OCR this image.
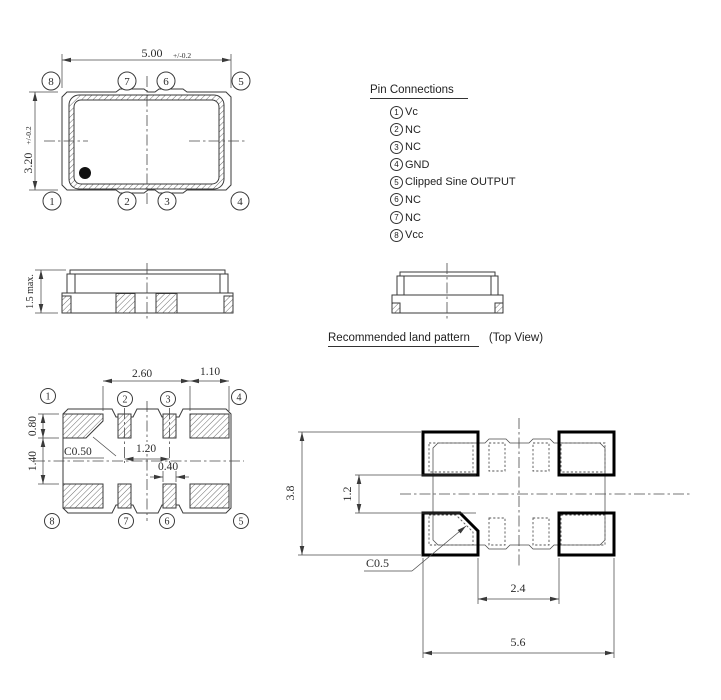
5.00 +/-0.2
3.20 +/-0.2
8	7	6	5
1	2	3	4
1.5 max.
2.60	1.10
0.80
1.40
1.20
0.40
C0.50
1	2	3	4
8	7	6	5
3.8	1.2
C0.5
2.4
5.6
Pin Connections
1 Vc
2 NC
3 NC
4 GND
5 Clipped Sine OUTPUT
6 NC
7 NC
8 Vcc
Recommended land pattern (Top View)
